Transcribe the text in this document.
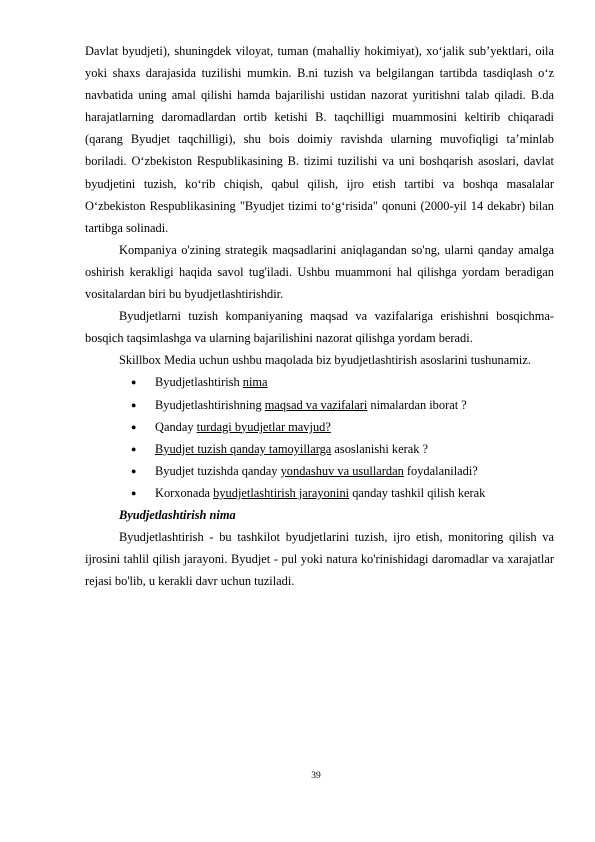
Davlat byudjeti), shuningdek viloyat, tuman (mahalliy hokimiyat), xoʻjalik subʼyektlari, oila yoki shaxs darajasida tuzilishi mumkin. B.ni tuzish va belgilangan tartibda tasdiqlash oʻz navbatida uning amal qilishi hamda bajarilishi ustidan nazorat yuritishni talab qiladi. B.da harajatlarning daromadlardan ortib ketishi B. taqchilligi muammosini keltirib chiqaradi (qarang Byudjet taqchilligi), shu bois doimiy ravishda ularning muvofiqligi taʼminlab boriladi. Oʻzbekiston Respublikasining B. tizimi tuzilishi va uni boshqarish asoslari, davlat byudjetini tuzish, koʻrib chiqish, qabul qilish, ijro etish tartibi va boshqa masalalar Oʻzbekiston Respublikasining "Byudjet tizimi toʻgʻrisida" qonuni (2000-yil 14 dekabr) bilan tartibga solinadi.

Kompaniya o'zining strategik maqsadlarini aniqlagandan so'ng, ularni qanday amalga oshirish kerakligi haqida savol tug'iladi. Ushbu muammoni hal qilishga yordam beradigan vositalardan biri bu byudjetlashtirishdir.

Byudjetlarni tuzish kompaniyaning maqsad va vazifalariga erishishni bosqichma-bosqich taqsimlashga va ularning bajarilishini nazorat qilishga yordam beradi.

Skillbox Media uchun ushbu maqolada biz byudjetlashtirish asoslarini tushunamiz.

● Byudjetlashtirish nima
● Byudjetlashtirishning maqsad va vazifalari nimalardan iborat ?
● Qanday turdagi byudjetlar mavjud?
● Byudjet tuzish qanday tamoyillarga asoslanishi kerak ?
● Byudjet tuzishda qanday yondashuv va usullardan foydalaniladi?
● Korxonada byudjetlashtirish jarayonini qanday tashkil qilish kerak
Byudjetlashtirish nima

Byudjetlashtirish - bu tashkilot byudjetlarini tuzish, ijro etish, monitoring qilish va ijrosini tahlil qilish jarayoni. Byudjet - pul yoki natura ko'rinishidagi daromadlar va xarajatlar rejasi bo'lib, u kerakli davr uchun tuziladi.

39
